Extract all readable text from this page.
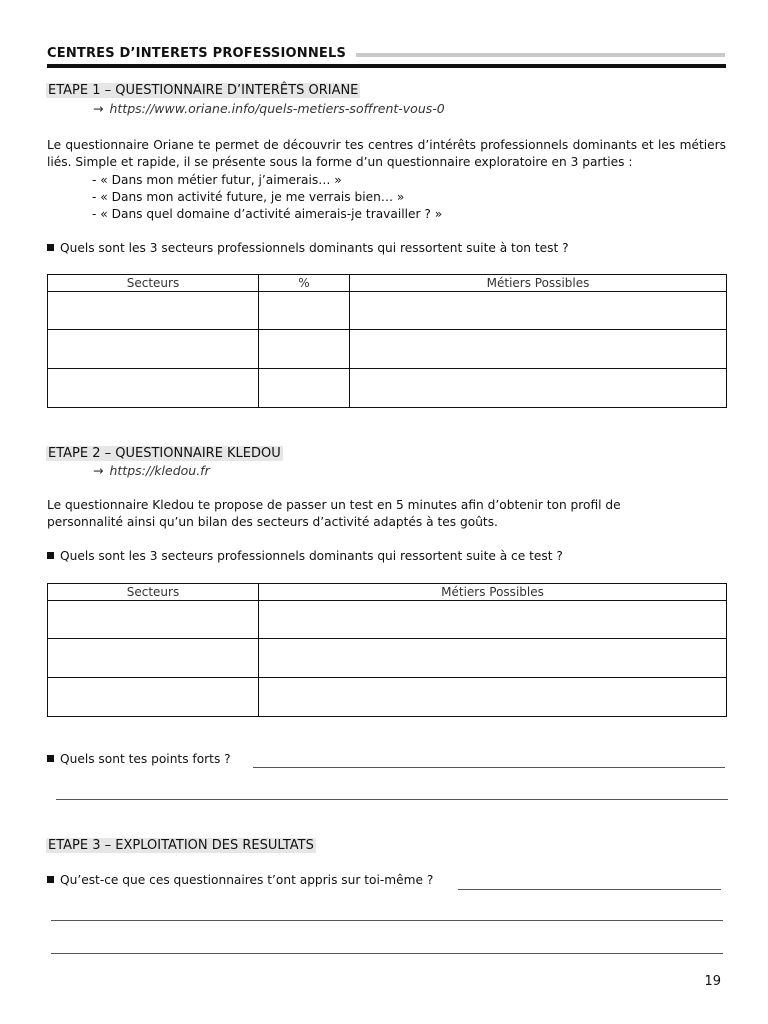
CENTRES D’INTERETS PROFESSIONNELS
ETAPE 1 – QUESTIONNAIRE D’INTERÊTS ORIANE
→ https://www.oriane.info/quels-metiers-soffrent-vous-0
Le questionnaire Oriane te permet de découvrir tes centres d’intérêts professionnels dominants et les métiers liés. Simple et rapide, il se présente sous la forme d’un questionnaire exploratoire en 3 parties :
- « Dans mon métier futur, j’aimerais… »
- « Dans mon activité future, je me verrais bien… »
- « Dans quel domaine d’activité aimerais-je travailler ? »
Quels sont les 3 secteurs professionnels dominants qui ressortent suite à ton test ?
Secteurs	%	Métiers Possibles

ETAPE 2 – QUESTIONNAIRE KLEDOU
→ https://kledou.fr
Le questionnaire Kledou te propose de passer un test en 5 minutes afin d’obtenir ton profil de personnalité ainsi qu’un bilan des secteurs d’activité adaptés à tes goûts.
Quels sont les 3 secteurs professionnels dominants qui ressortent suite à ce test ?
Secteurs	Métiers Possibles

Quels sont tes points forts ?
ETAPE 3 – EXPLOITATION DES RESULTATS
Qu’est-ce que ces questionnaires t’ont appris sur toi-même ?
19
